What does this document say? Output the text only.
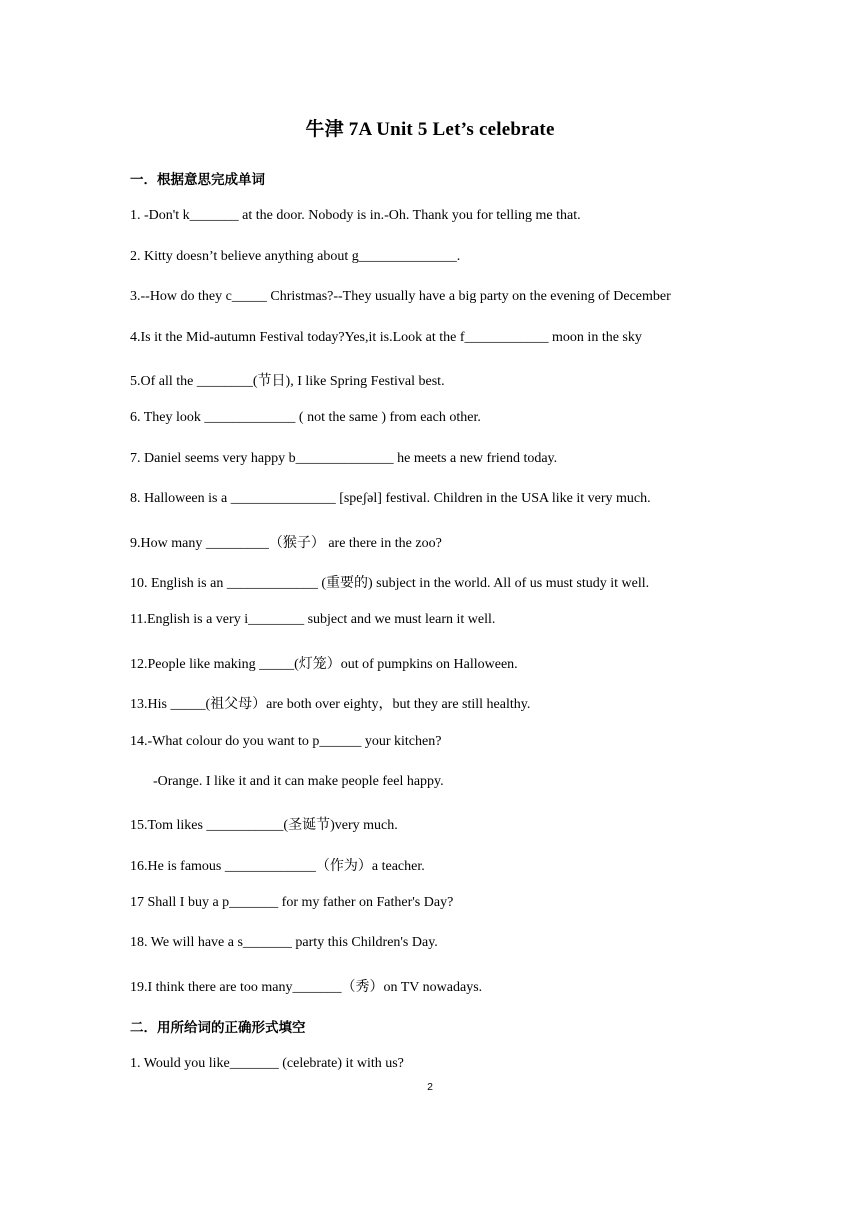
牛津 7A Unit 5 Let’s celebrate
一．根据意思完成单词
1. -Don't k_______ at the door. Nobody is in.-Oh. Thank you for telling me that.
2. Kitty doesn’t believe anything about g______________.
3.--How do they c_____ Christmas?--They usually have a big party on the evening of December
4.Is it the Mid-autumn Festival today?Yes,it is.Look at the f____________ moon in the sky
5.Of all the ________(节日), I like Spring Festival best.
6. They look _____________ ( not the same ) from each other.
7. Daniel seems very happy b______________ he meets a new friend today.
8. Halloween is a _______________ [speʃəl] festival. Children in the USA like it very much.
9.How many _________（猴子） are there in the zoo?
10. English is an _____________ (重要的) subject in the world. All of us must study it well.
11.English is a very i________ subject and we must learn it well.
12.People like making _____(灯笼）out of pumpkins on Halloween.
13.His _____(祖父母）are both over eighty，but they are still healthy.
14.-What colour do you want to p______ your kitchen?
-Orange. I like it and it can make people feel happy.
15.Tom likes ___________(圣诞节)very much.
16.He is famous _____________（作为）a teacher.
17 Shall I buy a p_______ for my father on Father's Day?
18. We will have a s_______ party this Children's Day.
19.I think there are too many_______（秀）on TV nowadays.
二．用所给词的正确形式填空
1. Would you like_______ (celebrate) it with us?
2
